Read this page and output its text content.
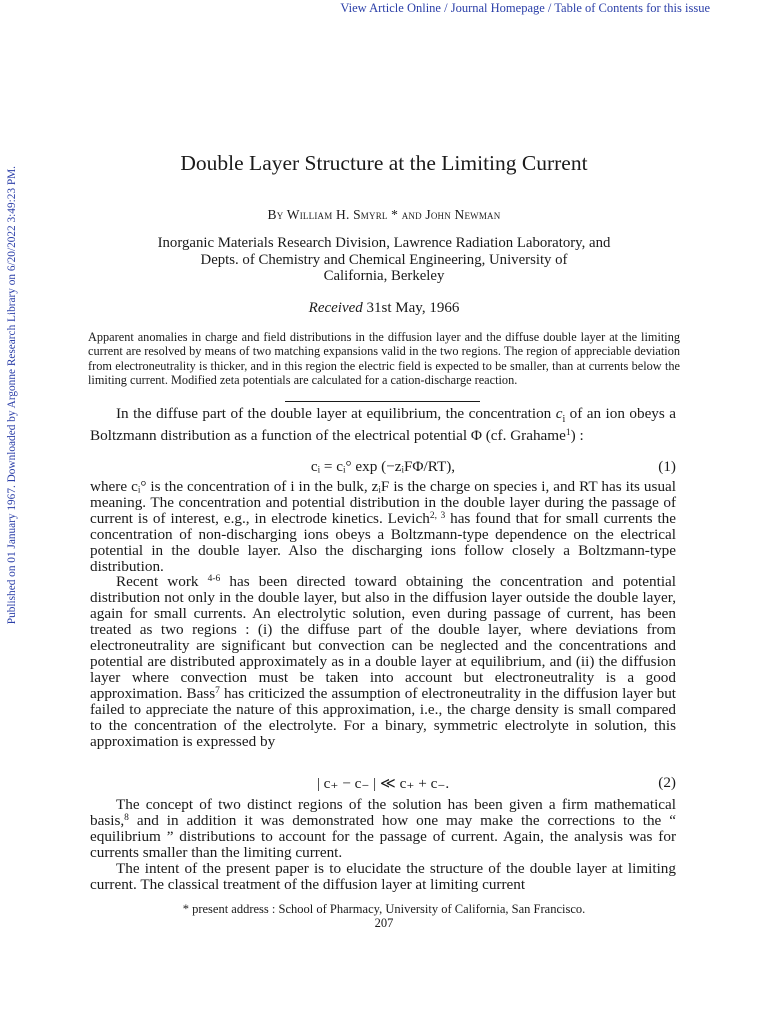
View Article Online / Journal Homepage / Table of Contents for this issue
Published on 01 January 1967. Downloaded by Argonne Research Library on 6/20/2022 3:49:23 PM.
Double Layer Structure at the Limiting Current
By William H. Smyrl * and John Newman
Inorganic Materials Research Division, Lawrence Radiation Laboratory, and
Depts. of Chemistry and Chemical Engineering, University of
California, Berkeley
Received 31st May, 1966

Apparent anomalies in charge and field distributions in the diffusion layer and the diffuse double layer at the limiting current are resolved by means of two matching expansions valid in the two regions. The region of appreciable deviation from electroneutrality is thicker, and in this region the electric field is expected to be smaller, than at currents below the limiting current. Modified zeta potentials are calculated for a cation-discharge reaction.

In the diffuse part of the double layer at equilibrium, the concentration $c_i$ of an ion obeys a Boltzmann distribution as a function of the electrical potential Φ (cf. Grahame$^1$) :

cᵢ = cᵢ° exp (−zᵢFΦ/RT),	(1)

where cᵢ° is the concentration of i in the bulk, zᵢF is the charge on species i, and RT has its usual meaning. The concentration and potential distribution in the double layer during the passage of current is of interest, e.g., in electrode kinetics. Levich$^{2, 3}$ has found that for small currents the concentration of non-discharging ions obeys a Boltzmann-type dependence on the electrical potential in the double layer. Also the discharging ions follow closely a Boltzmann-type distribution.

Recent work $^{4-6}$ has been directed toward obtaining the concentration and potential distribution not only in the double layer, but also in the diffusion layer outside the double layer, again for small currents. An electrolytic solution, even during passage of current, has been treated as two regions : (i) the diffuse part of the double layer, where deviations from electroneutrality are significant but convection can be neglected and the concentrations and potential are distributed approximately as in a double layer at equilibrium, and (ii) the diffusion layer where convection must be taken into account but electroneutrality is a good approximation. Bass$^7$ has criticized the assumption of electroneutrality in the diffusion layer but failed to appreciate the nature of this approximation, i.e., the charge density is small compared to the concentration of the electrolyte. For a binary, symmetric electrolyte in solution, this approximation is expressed by

| c₊ − c₋ | ≪ c₊ + c₋.	(2)

The concept of two distinct regions of the solution has been given a firm mathematical basis,$^8$ and in addition it was demonstrated how one may make the corrections to the “ equilibrium ” distributions to account for the passage of current. Again, the analysis was for currents smaller than the limiting current.

The intent of the present paper is to elucidate the structure of the double layer at limiting current. The classical treatment of the diffusion layer at limiting current

* present address : School of Pharmacy, University of California, San Francisco.
207
